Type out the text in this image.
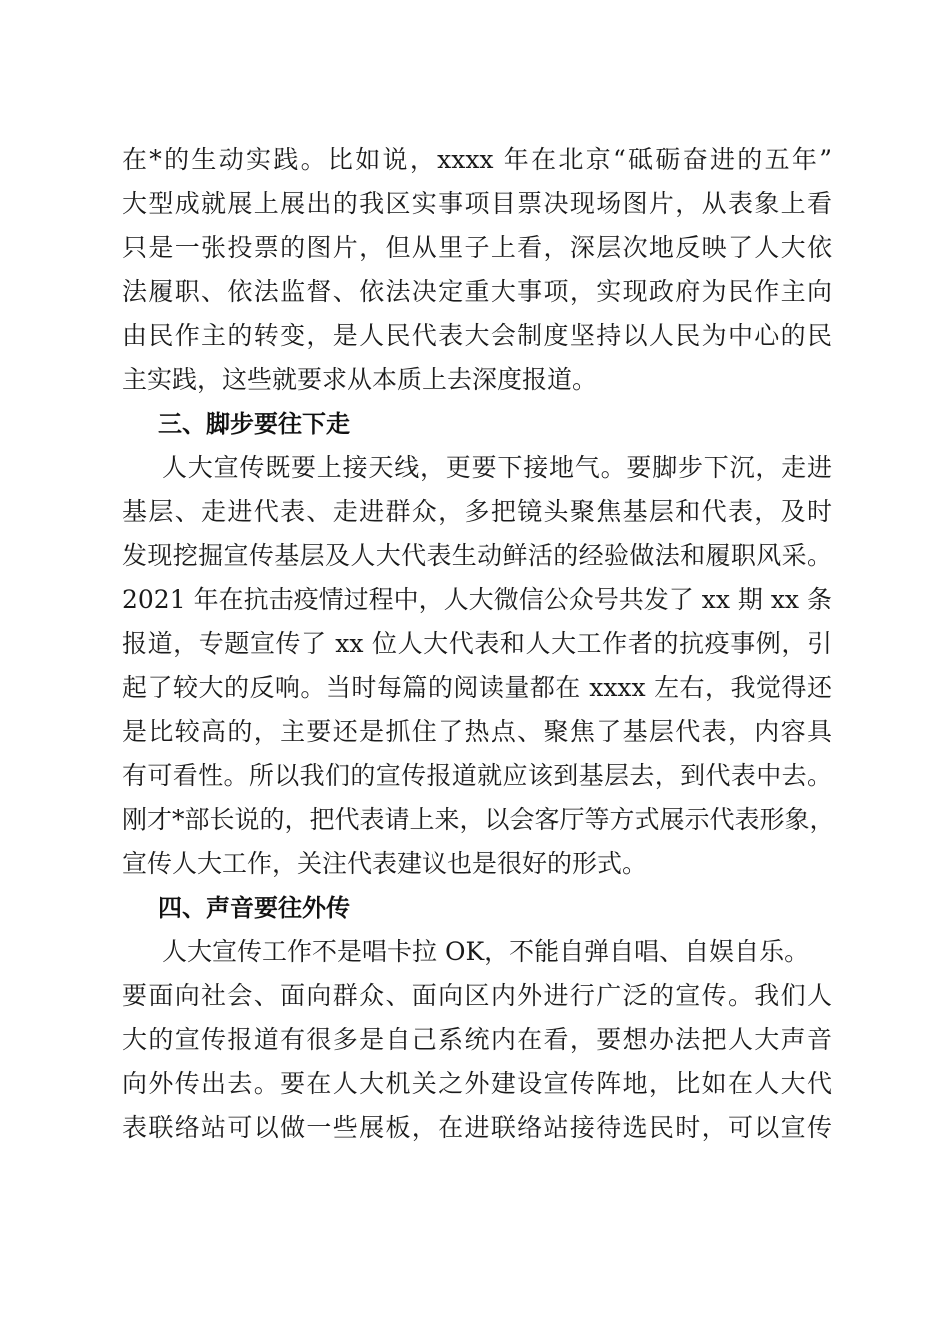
在*的生动实践。比如说，xxxx 年在北京“砥砺奋进的五年”
大型成就展上展出的我区实事项目票决现场图片，从表象上看
只是一张投票的图片，但从里子上看，深层次地反映了人大依
法履职、依法监督、依法决定重大事项，实现政府为民作主向
由民作主的转变，是人民代表大会制度坚持以人民为中心的民
主实践，这些就要求从本质上去深度报道。
三、脚步要往下走
人大宣传既要上接天线，更要下接地气。要脚步下沉，走进
基层、走进代表、走进群众，多把镜头聚焦基层和代表，及时
发现挖掘宣传基层及人大代表生动鲜活的经验做法和履职风采。
2021 年在抗击疫情过程中，人大微信公众号共发了 xx 期 xx 条
报道，专题宣传了 xx 位人大代表和人大工作者的抗疫事例，引
起了较大的反响。当时每篇的阅读量都在 xxxx 左右，我觉得还
是比较高的，主要还是抓住了热点、聚焦了基层代表，内容具
有可看性。所以我们的宣传报道就应该到基层去，到代表中去。
刚才*部长说的，把代表请上来，以会客厅等方式展示代表形象，
宣传人大工作，关注代表建议也是很好的形式。
四、声音要往外传
人大宣传工作不是唱卡拉 OK，不能自弹自唱、自娱自乐。
要面向社会、面向群众、面向区内外进行广泛的宣传。我们人
大的宣传报道有很多是自己系统内在看，要想办法把人大声音
向外传出去。要在人大机关之外建设宣传阵地，比如在人大代
表联络站可以做一些展板，在进联络站接待选民时，可以宣传
